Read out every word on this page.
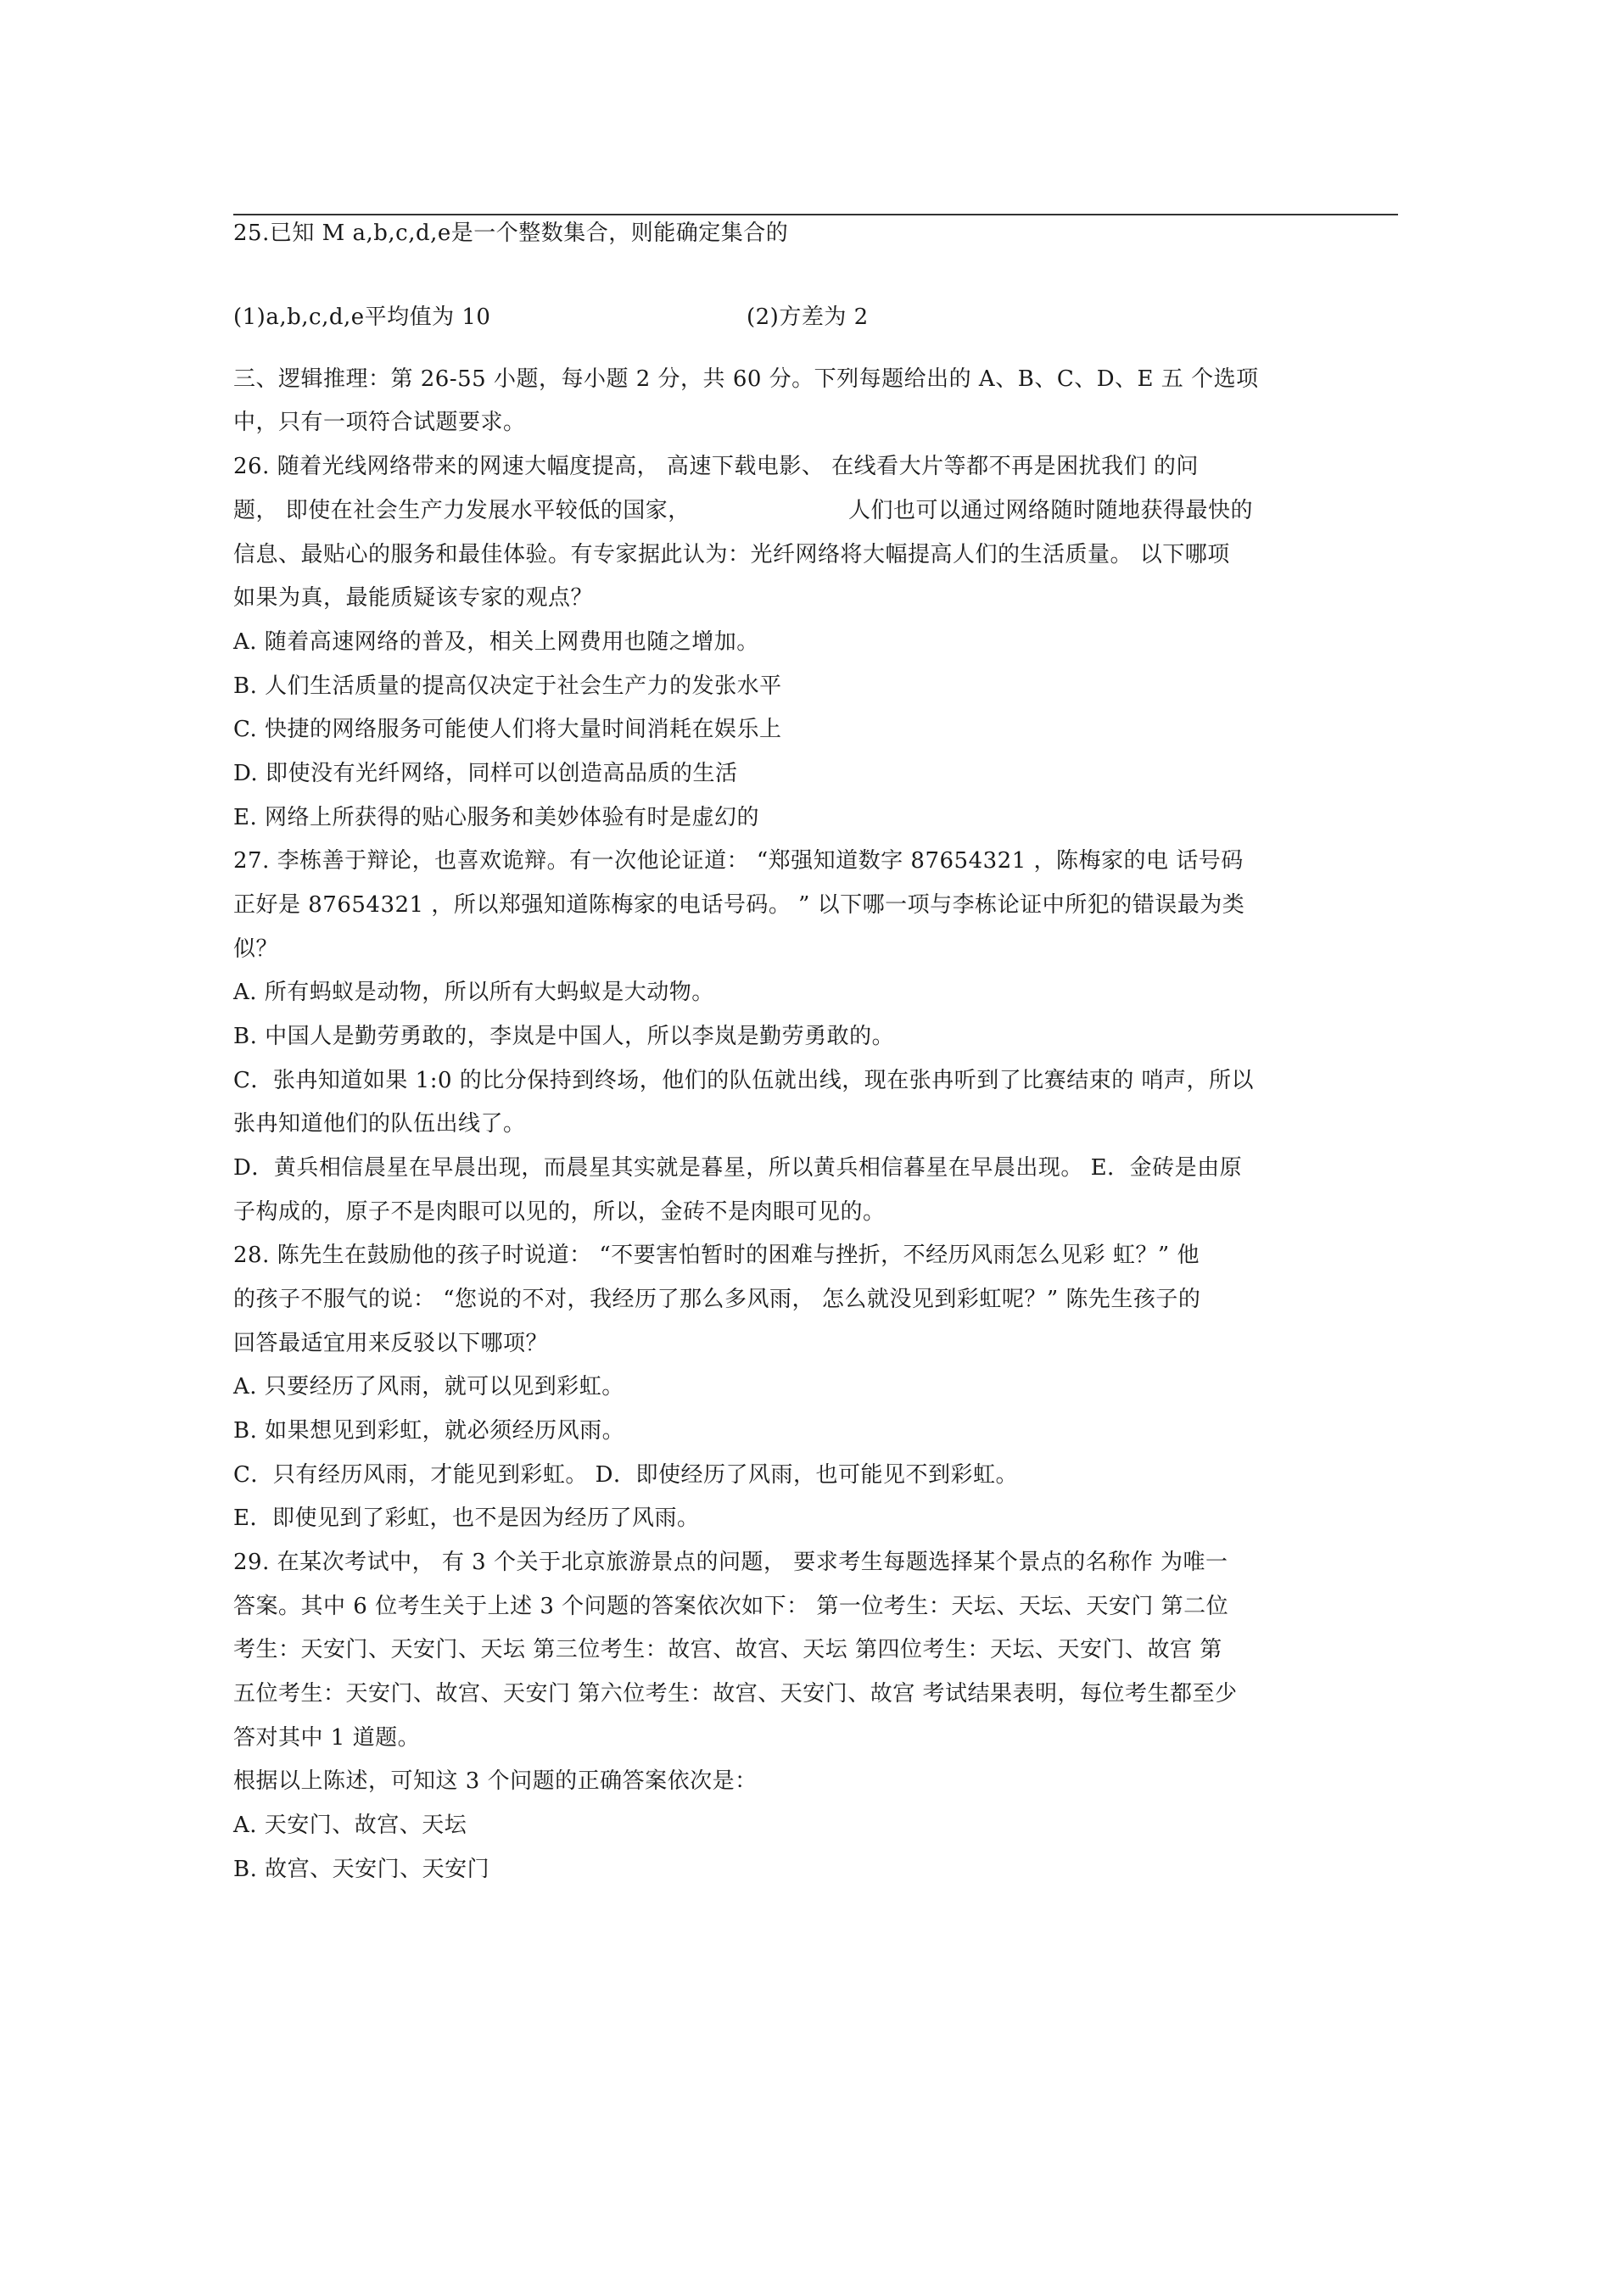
25.已知 M a,b,c,d,e是一个整数集合，则能确定集合的
(1)a,b,c,d,e平均值为 10	(2)方差为 2
三、逻辑推理：第 26-55 小题，每小题 2 分，共 60 分。下列每题给出的 A、B、C、D、E 五 个选项
中，只有一项符合试题要求。
26. 随着光线网络带来的网速大幅度提高， 高速下载电影、 在线看大片等都不再是困扰我们 的问
题， 即使在社会生产力发展水平较低的国家，	人们也可以通过网络随时随地获得最快的
信息、最贴心的服务和最佳体验。有专家据此认为：光纤网络将大幅提高人们的生活质量。 以下哪项
如果为真，最能质疑该专家的观点？
A. 随着高速网络的普及，相关上网费用也随之增加。
B. 人们生活质量的提高仅决定于社会生产力的发张水平
C. 快捷的网络服务可能使人们将大量时间消耗在娱乐上
D. 即使没有光纤网络，同样可以创造高品质的生活
E. 网络上所获得的贴心服务和美妙体验有时是虚幻的
27. 李栋善于辩论，也喜欢诡辩。有一次他论证道： “郑强知道数字 87654321 ，陈梅家的电 话号码
正好是 87654321 ，所以郑强知道陈梅家的电话号码。 ” 以下哪一项与李栋论证中所犯的错误最为类
似？
A. 所有蚂蚁是动物，所以所有大蚂蚁是大动物。
B. 中国人是勤劳勇敢的，李岚是中国人，所以李岚是勤劳勇敢的。
C．张冉知道如果 1:0 的比分保持到终场，他们的队伍就出线，现在张冉听到了比赛结束的 哨声，所以
张冉知道他们的队伍出线了。
D．黄兵相信晨星在早晨出现，而晨星其实就是暮星，所以黄兵相信暮星在早晨出现。 E．金砖是由原
子构成的，原子不是肉眼可以见的，所以，金砖不是肉眼可见的。
28. 陈先生在鼓励他的孩子时说道： “不要害怕暂时的困难与挫折，不经历风雨怎么见彩 虹？” 他
的孩子不服气的说： “您说的不对，我经历了那么多风雨， 怎么就没见到彩虹呢？” 陈先生孩子的
回答最适宜用来反驳以下哪项？
A. 只要经历了风雨，就可以见到彩虹。
B. 如果想见到彩虹，就必须经历风雨。
C．只有经历风雨，才能见到彩虹。 D．即使经历了风雨，也可能见不到彩虹。
E．即使见到了彩虹，也不是因为经历了风雨。
29. 在某次考试中， 有 3 个关于北京旅游景点的问题， 要求考生每题选择某个景点的名称作 为唯一
答案。其中 6 位考生关于上述 3 个问题的答案依次如下： 第一位考生：天坛、天坛、天安门 第二位
考生：天安门、天安门、天坛 第三位考生：故宫、故宫、天坛 第四位考生：天坛、天安门、故宫 第
五位考生：天安门、故宫、天安门 第六位考生：故宫、天安门、故宫 考试结果表明，每位考生都至少
答对其中 1 道题。
根据以上陈述，可知这 3 个问题的正确答案依次是：
A. 天安门、故宫、天坛
B. 故宫、天安门、天安门
